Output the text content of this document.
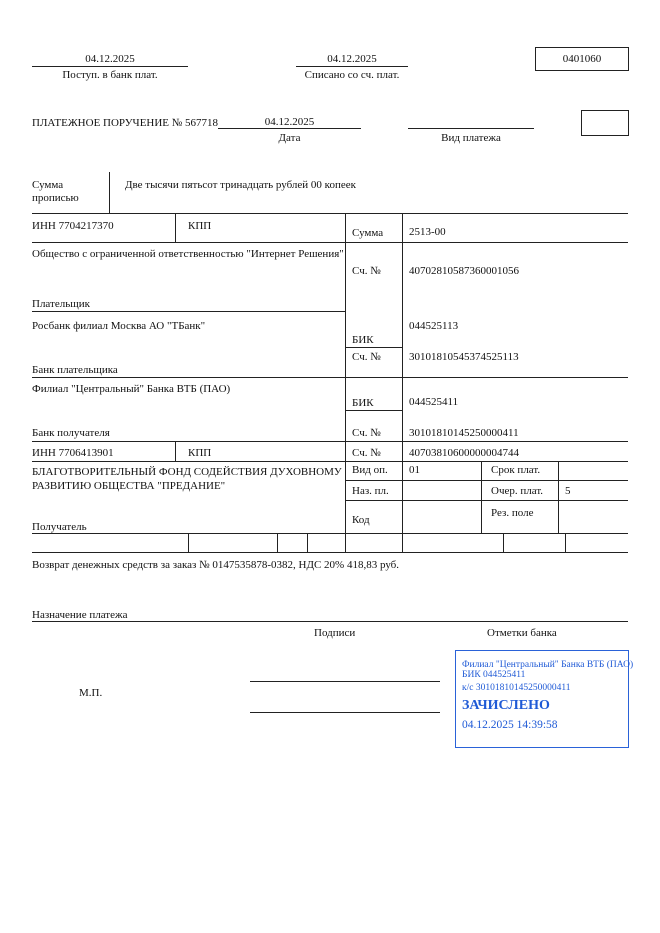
04.12.2025
Поступ. в банк плат.
04.12.2025
Списано со сч. плат.
0401060
ПЛАТЕЖНОЕ ПОРУЧЕНИЕ № 567718	04.12.2025
Дата	Вид платежа
Сумма
прописью
Две тысячи пятьсот тринадцать рублей 00 копеек
ИНН 7704217370	КПП
Сумма 2513-00
Общество с ограниченной ответственностью "Интернет Решения"
Сч. №	40702810587360001056
Плательщик
Росбанк филиал Москва АО "ТБанк"
БИК
044525113
Сч. №	30101810545374525113
Банк плательщика
Филиал "Центральный" Банка ВТБ (ПАО)
БИК	044525411
Сч. №	30101810145250000411
Банк получателя
ИНН 7706413901	КПП	Сч. №	40703810600000004744
БЛАГОТВОРИТЕЛЬНЫЙ ФОНД СОДЕЙСТВИЯ ДУХОВНОМУ
РАЗВИТИЮ ОБЩЕСТВА "ПРЕДАНИЕ"
Получатель
Вид оп. 01	Срок плат.
Наз. пл.	Очер. плат. 5
Код
Рез. поле
Возврат денежных средств за заказ № 0147535878-0382, НДС 20% 418,83 руб.
Назначение платежа
Подписи	Отметки банка
М.П.
Филиал "Центральный" Банка ВТБ (ПАО)
БИК 044525411
к/с 30101810145250000411
ЗАЧИСЛЕНО
04.12.2025 14:39:58
